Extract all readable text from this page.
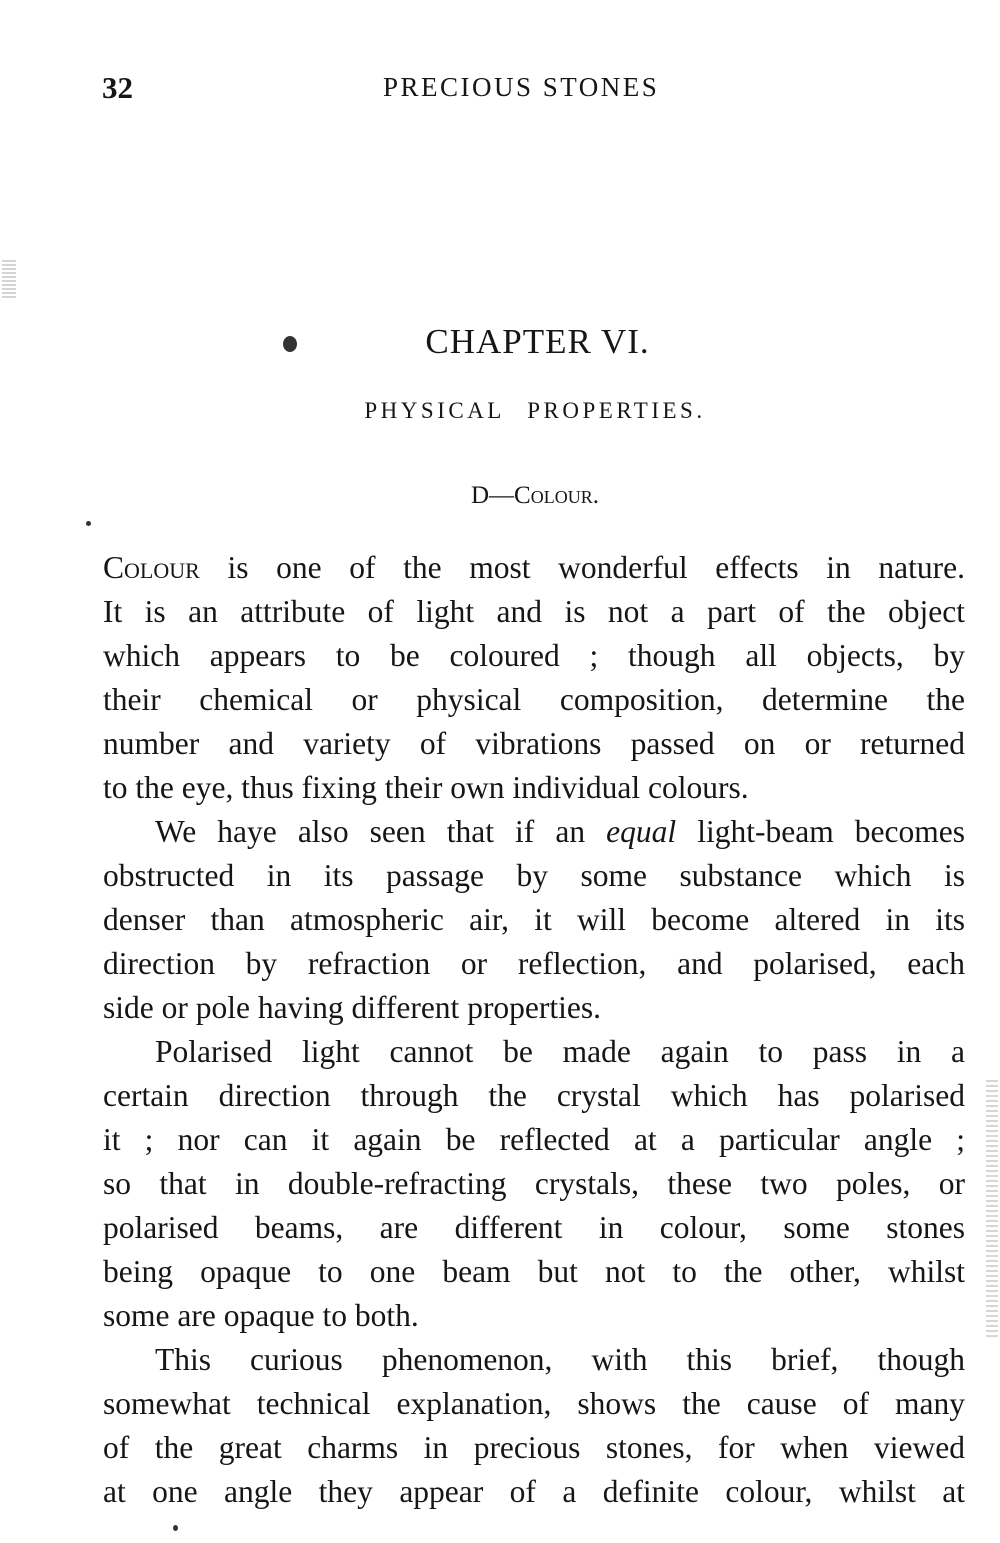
32	PRECIOUS STONES
CHAPTER VI.
PHYSICAL PROPERTIES.
D—Colour.
Colour is one of the most wonderful effects in nature.
It is an attribute of light and is not a part of the object
which appears to be coloured ; though all objects, by
their chemical or physical composition, determine the
number and variety of vibrations passed on or returned
to the eye, thus fixing their own individual colours.
We haye also seen that if an equal light-beam becomes
obstructed in its passage by some substance which is
denser than atmospheric air, it will become altered in its
direction by refraction or reflection, and polarised, each
side or pole having different properties.
Polarised light cannot be made again to pass in a
certain direction through the crystal which has polarised
it ; nor can it again be reflected at a particular angle ;
so that in double-refracting crystals, these two poles, or
polarised beams, are different in colour, some stones
being opaque to one beam but not to the other, whilst
some are opaque to both.
This curious phenomenon, with this brief, though
somewhat technical explanation, shows the cause of many
of the great charms in precious stones, for when viewed
at one angle they appear of a definite colour, whilst at
